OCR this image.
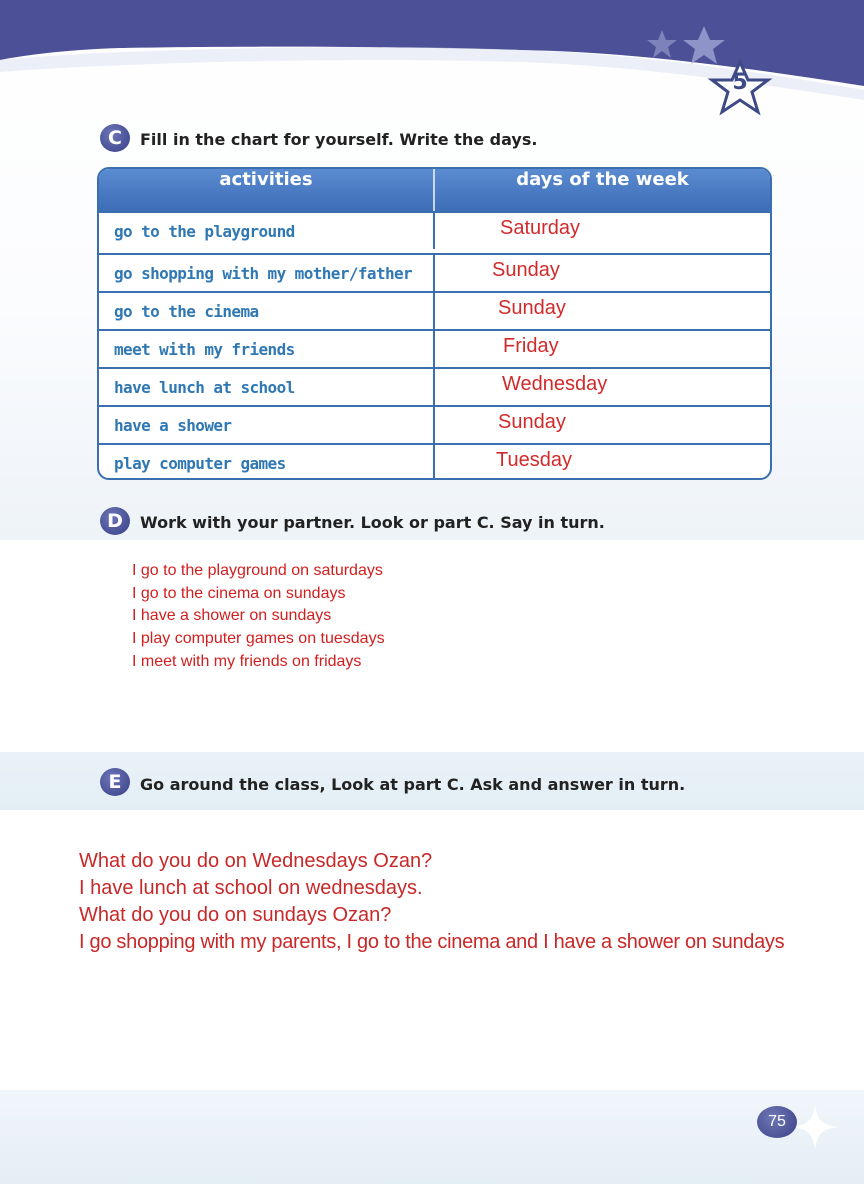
5
C	Fill in the chart for yourself. Write the days.
activities	days of the week
go to the playground	Saturday
go shopping with my mother/father	Sunday
go to the cinema	Sunday
meet with my friends	Friday
have lunch at school	Wednesday
have a shower	Sunday
play computer games	Tuesday
D	Work with your partner. Look or part C. Say in turn.
I go to the playground on saturdays
I go to the cinema on sundays
I have a shower on sundays
I play computer games on tuesdays
I meet with my friends on fridays
E	Go around the class, Look at part C. Ask and answer in turn.
What do you do on Wednesdays Ozan?
I have lunch at school on wednesdays.
What do you do on sundays Ozan?
I go shopping with my parents, I go to the cinema and I have a shower on sundays
75
